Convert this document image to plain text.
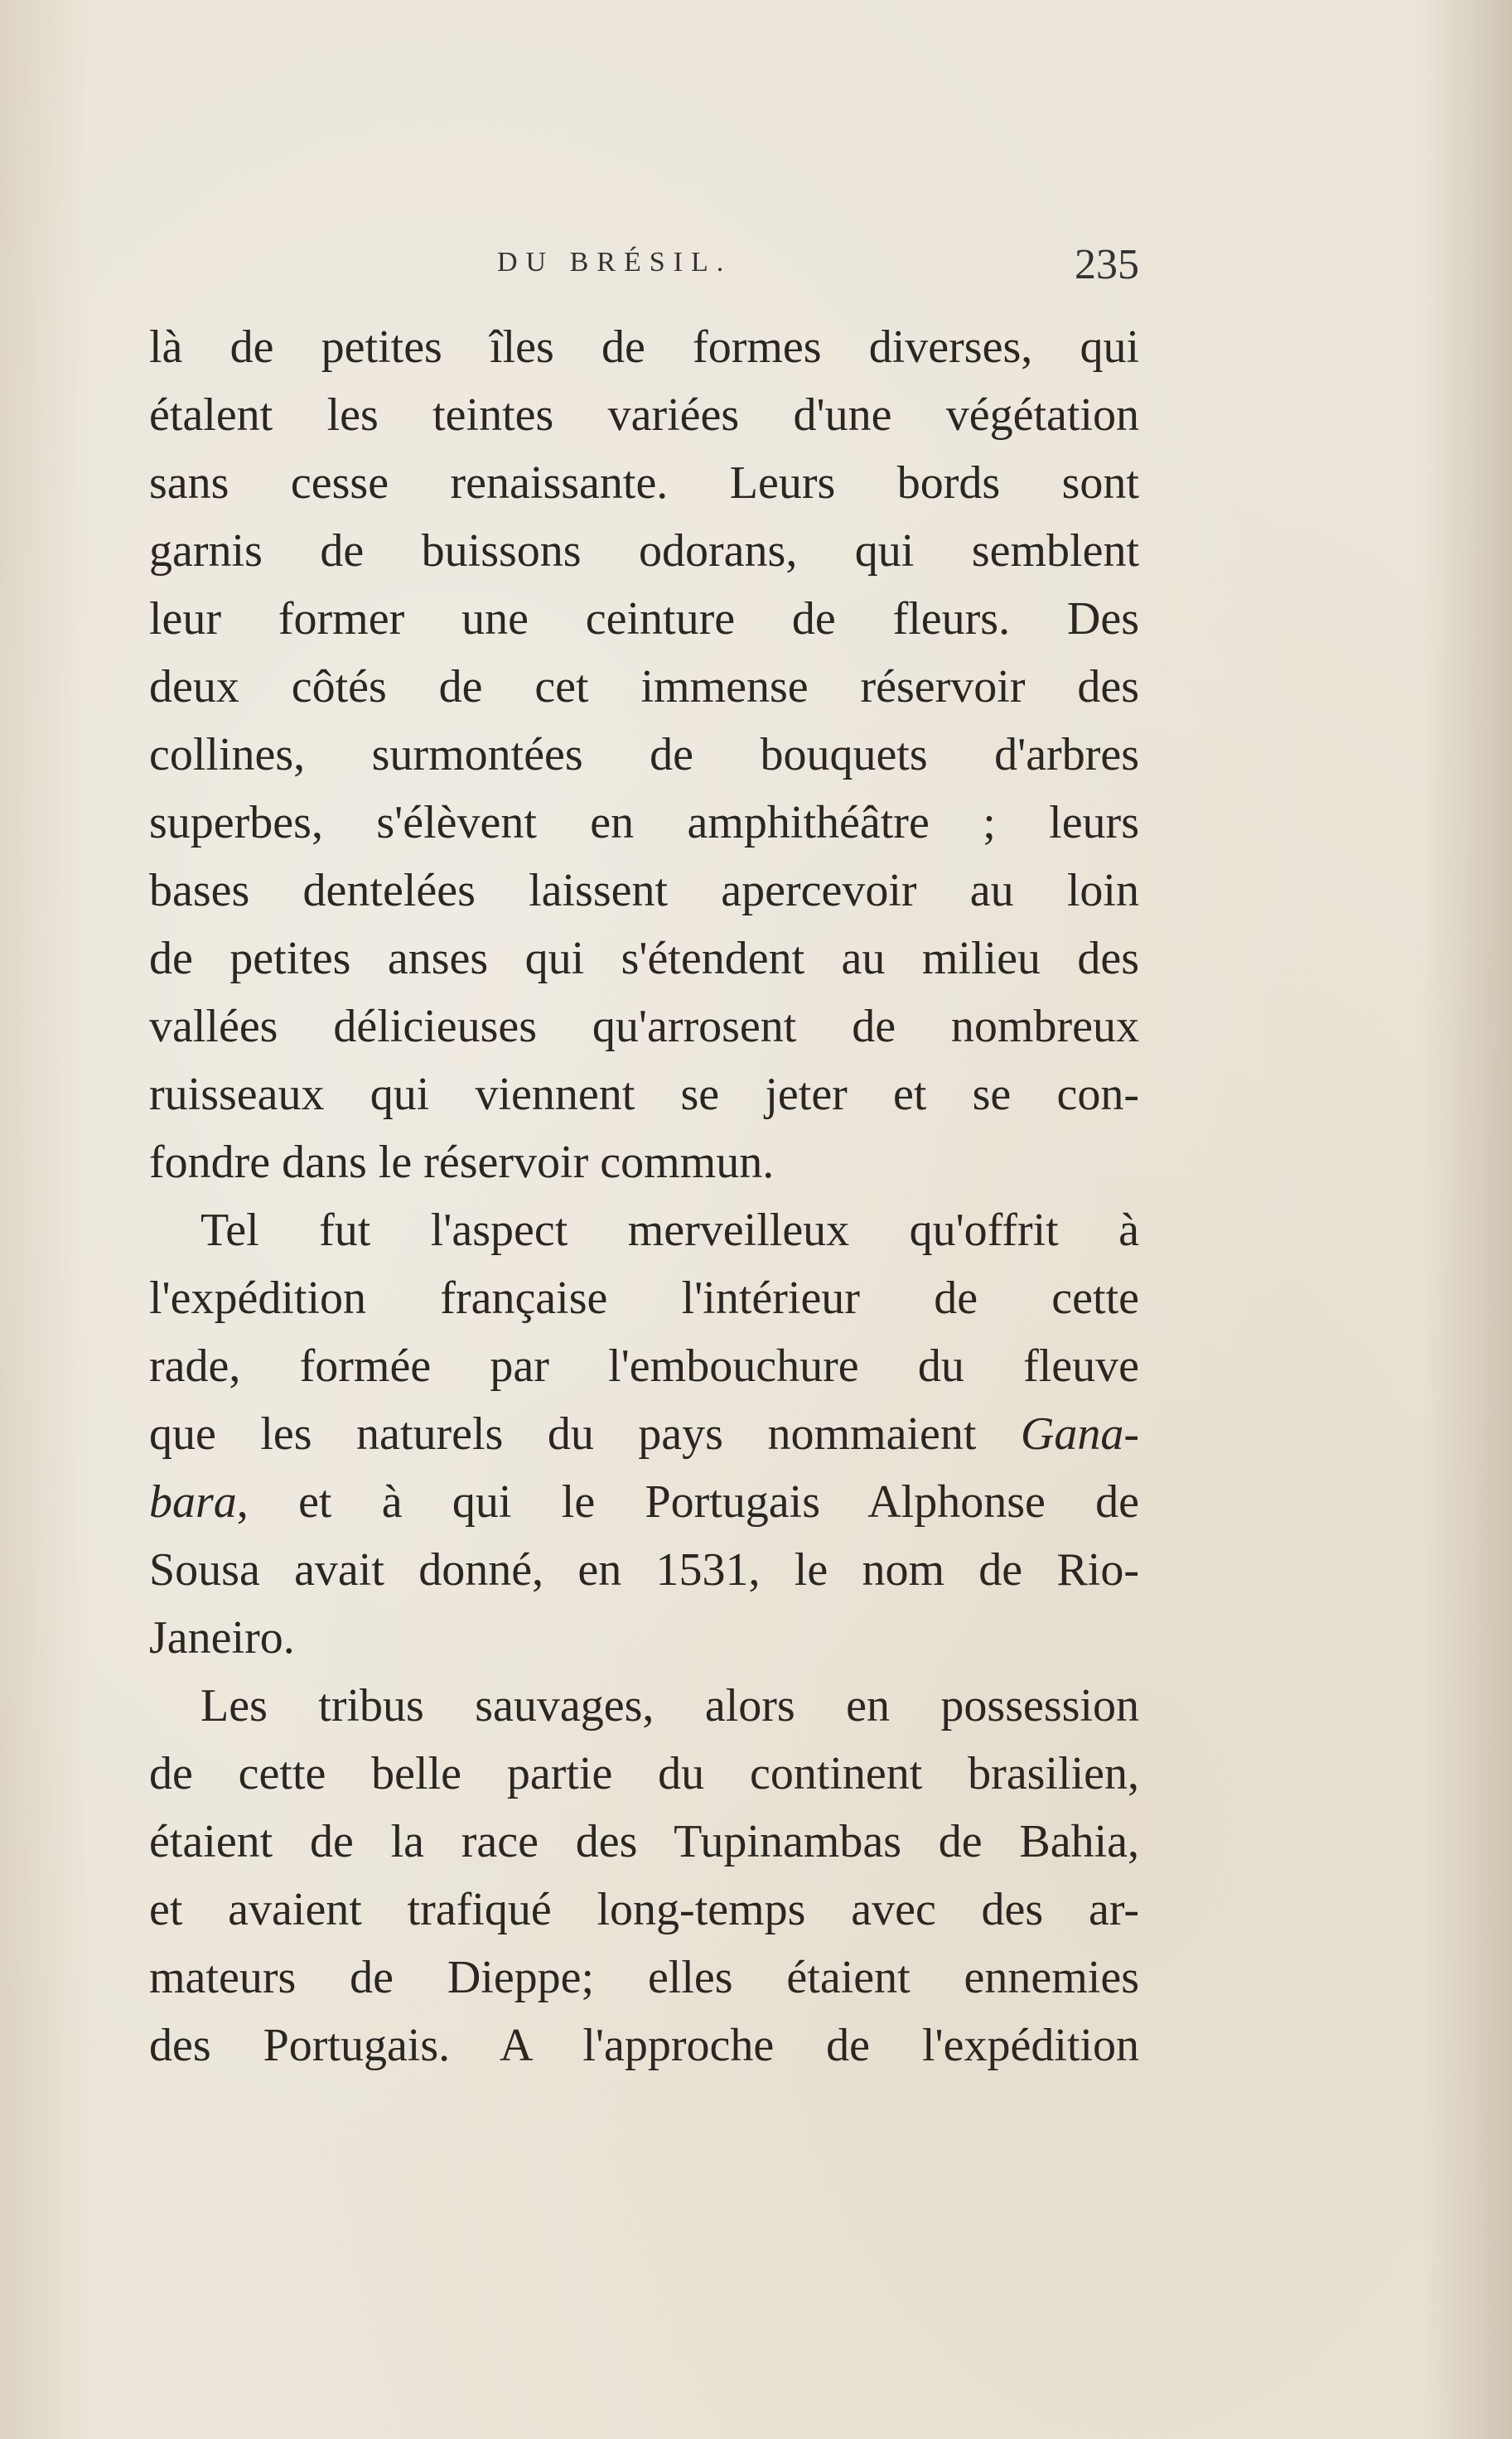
DU BRÉSIL.	235
là de petites îles de formes diverses, qui
étalent les teintes variées d'une végétation
sans cesse renaissante. Leurs bords sont
garnis de buissons odorans, qui semblent
leur former une ceinture de fleurs. Des
deux côtés de cet immense réservoir des
collines, surmontées de bouquets d'arbres
superbes, s'élèvent en amphithéâtre ; leurs
bases dentelées laissent apercevoir au loin
de petites anses qui s'étendent au milieu des
vallées délicieuses qu'arrosent de nombreux
ruisseaux qui viennent se jeter et se con-
fondre dans le réservoir commun.
Tel fut l'aspect merveilleux qu'offrit à
l'expédition française l'intérieur de cette
rade, formée par l'embouchure du fleuve
que les naturels du pays nommaient Gana-
bara, et à qui le Portugais Alphonse de
Sousa avait donné, en 1531, le nom de Rio-
Janeiro.
Les tribus sauvages, alors en possession
de cette belle partie du continent brasilien,
étaient de la race des Tupinambas de Bahia,
et avaient trafiqué long-temps avec des ar-
mateurs de Dieppe; elles étaient ennemies
des Portugais. A l'approche de l'expédition
